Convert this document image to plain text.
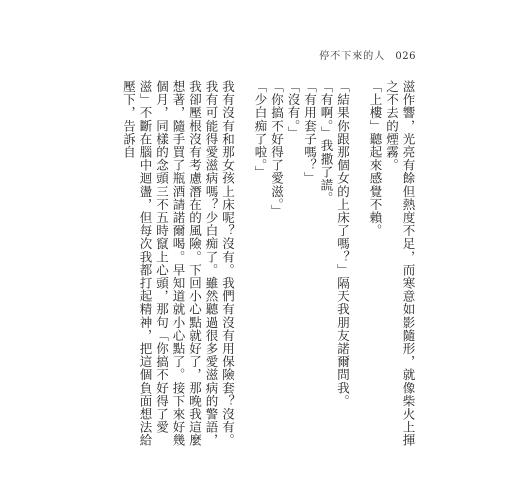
停不下來的人 026

滋作響，光亮有餘但熱度不足，而寒意如影隨形，就像柴火上揮之不去的煙霧。

「上樓」聽起來感覺不賴。

「結果你跟那個女的上床了嗎？」隔天我朋友諾爾問我。

「有啊。」我撒了謊。

「有用套子嗎？」

「沒有。」

「你搞不好得了愛滋。」

「少白痴了啦。」

我有沒有和那女孩上床呢？沒有。我們有沒有用保險套？沒有。我有可能得愛滋病嗎？少白痴了。雖然聽過很多愛滋病的警語，我卻壓根沒有考慮潛在的風險。下回小心點就好了，那晚我這麼想著，隨手買了瓶酒請諾爾喝。早知道就小心點了。接下來好幾個月，同樣的念頭三不五時竄上心頭，那句「你搞不好得了愛滋」不斷在腦中迴盪，但每次我都打起精神，把這個負面想法給壓下，告訴自
